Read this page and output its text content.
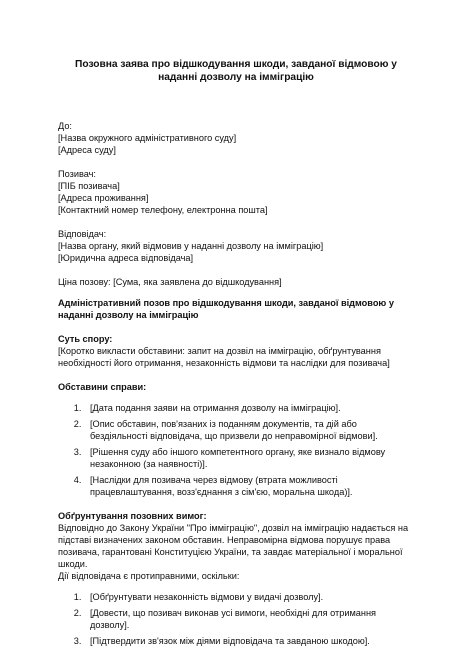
Позовна заява про відшкодування шкоди, завданої відмовою у наданні дозволу на імміграцію
До:
[Назва окружного адміністративного суду]
[Адреса суду]
Позивач:
[ПІБ позивача]
[Адреса проживання]
[Контактний номер телефону, електронна пошта]
Відповідач:
[Назва органу, який відмовив у наданні дозволу на імміграцію]
[Юридична адреса відповідача]
Ціна позову: [Сума, яка заявлена до відшкодування]
Адміністративний позов про відшкодування шкоди, завданої відмовою у наданні дозволу на імміграцію
Суть спору:
[Коротко викласти обставини: запит на дозвіл на імміграцію, обґрунтування необхідності його отримання, незаконність відмови та наслідки для позивача]
Обставини справи:
1. [Дата подання заяви на отримання дозволу на імміграцію].
2. [Опис обставин, пов'язаних із поданням документів, та дій або бездіяльності відповідача, що призвели до неправомірної відмови].
3. [Рішення суду або іншого компетентного органу, яке визнало відмову незаконною (за наявності)].
4. [Наслідки для позивача через відмову (втрата можливості працевлаштування, возз'єднання з сім'єю, моральна шкода)].
Обґрунтування позовних вимог:
Відповідно до Закону України "Про імміграцію", дозвіл на імміграцію надається на підставі визначених законом обставин. Неправомірна відмова порушує права позивача, гарантовані Конституцією України, та завдає матеріальної і моральної шкоди.
Дії відповідача є протиправними, оскільки:
1. [Обґрунтувати незаконність відмови у видачі дозволу].
2. [Довести, що позивач виконав усі вимоги, необхідні для отримання дозволу].
3. [Підтвердити зв'язок між діями відповідача та завданою шкодою].
